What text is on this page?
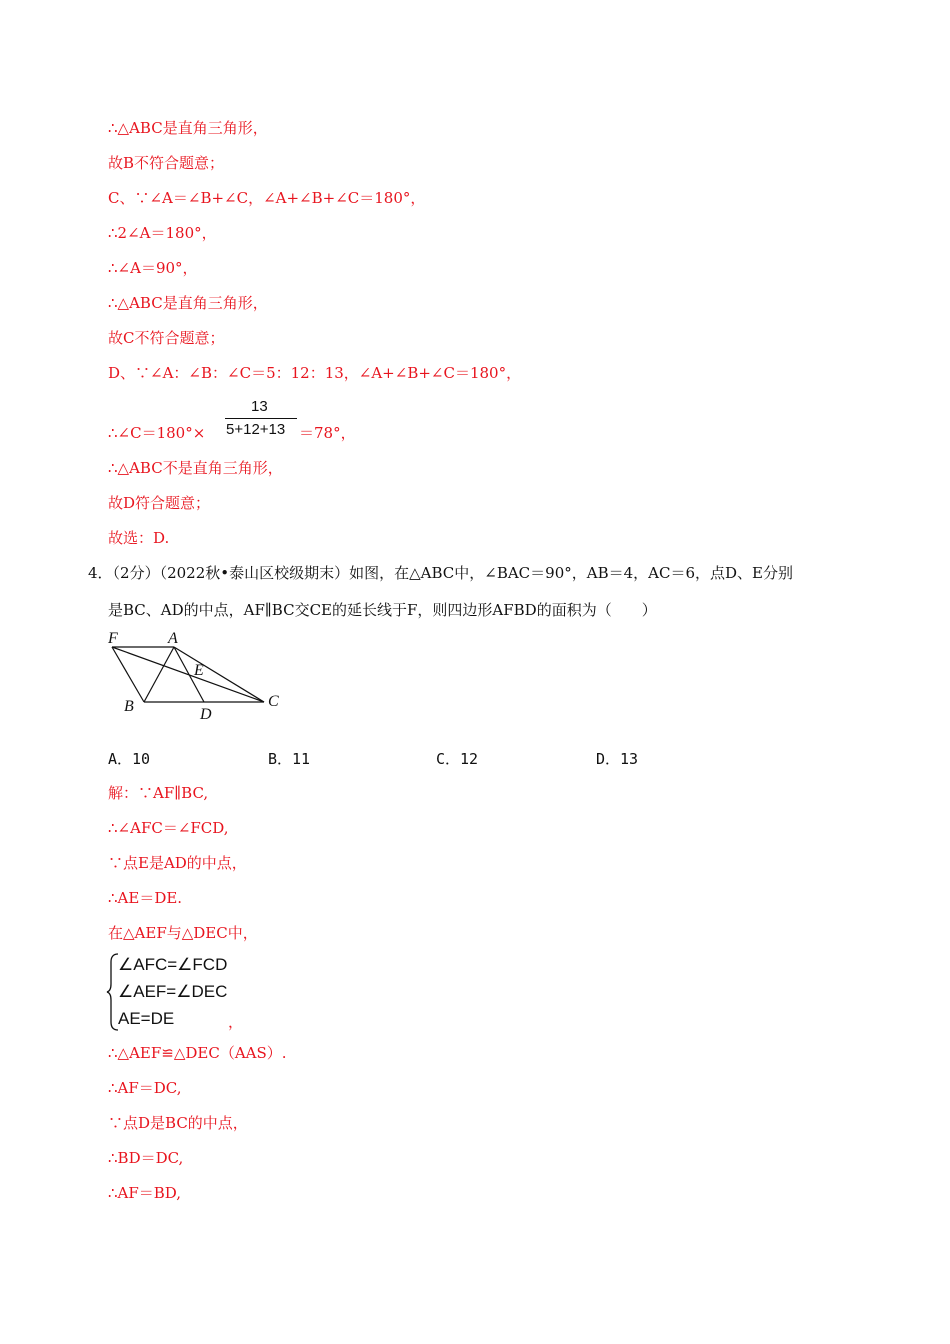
∴△ABC是直角三角形，
故B不符合题意；
C、∵∠A＝∠B+∠C，∠A+∠B+∠C＝180°，
∴2∠A＝180°，
∴∠A＝90°，
∴△ABC是直角三角形，
故C不符合题意；
D、∵∠A：∠B：∠C＝5：12：13，∠A+∠B+∠C＝180°，
∴∠C＝180°×
13
5+12+13 ＝78°，
∴△ABC不是直角三角形，
故D符合题意；
故选：D.
4．（2分）（2022秋•泰山区校级期末）如图，在△ABC中，∠BAC＝90°，AB＝4，AC＝6，点D、E分别
是BC、AD的中点，AF∥BC交CE的延长线于F，则四边形AFBD的面积为（　　）
F	A
E
B	D
C
A．10	B．11	C．12	D．13
解：∵AF∥BC,
∴∠AFC＝∠FCD,
∵点E是AD的中点，
∴AE＝DE.
在△AEF与△DEC中，
∠AFC=∠FCD
∠AEF=∠DEC
AE=DE	，
∴△AEF≌△DEC（AAS）.
∴AF＝DC,
∵点D是BC的中点，
∴BD＝DC,
∴AF＝BD,
